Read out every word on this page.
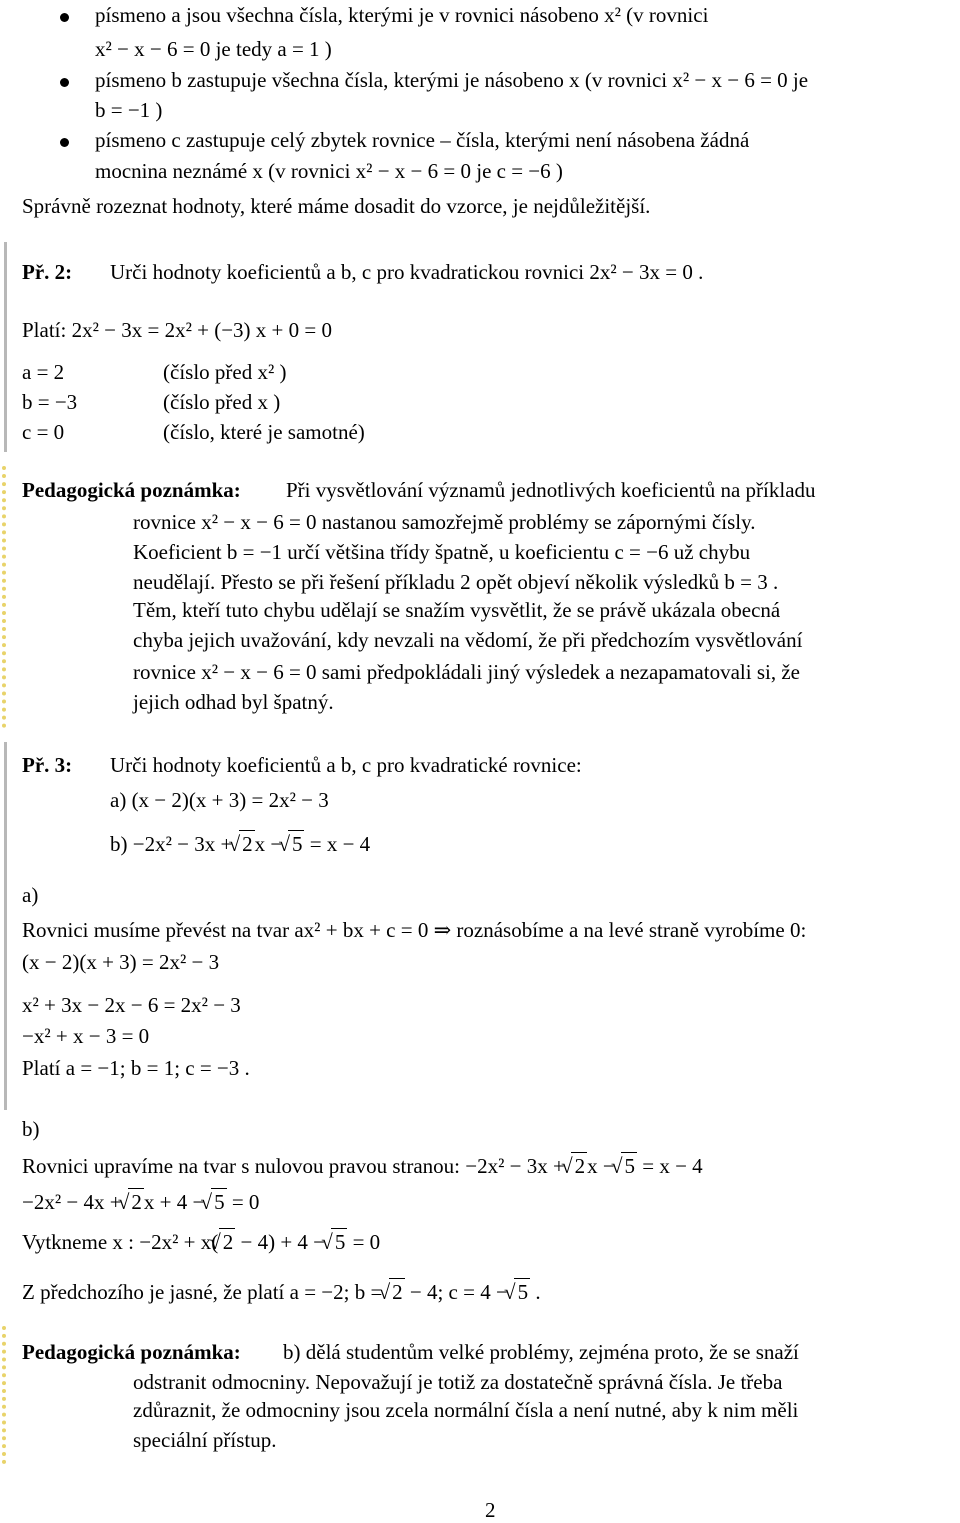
písmeno a jsou všechna čísla, kterými je v rovnici násobeno x² (v rovnici
x² − x − 6 = 0 je tedy a = 1 )
písmeno b zastupuje všechna čísla, kterými je násobeno x (v rovnici x² − x − 6 = 0 je
b = −1 )
písmeno c zastupuje celý zbytek rovnice – čísla, kterými není násobena žádná
mocnina neznámé x (v rovnici x² − x − 6 = 0 je c = −6 )
Správně rozeznat hodnoty, které máme dosadit do vzorce, je nejdůležitější.
Př. 2: Urči hodnoty koeficientů a b, c pro kvadratickou rovnici 2x² − 3x = 0 .
Platí: 2x² − 3x = 2x² + (−3) x + 0 = 0
a = 2	(číslo před x² )
b = −3	(číslo před x )
c = 0	(číslo, které je samotné)
Pedagogická poznámka: Při vysvětlování významů jednotlivých koeficientů na příkladu
rovnice x² − x − 6 = 0 nastanou samozřejmě problémy se zápornými čísly.
Koeficient b = −1 určí většina třídy špatně, u koeficientu c = −6 už chybu
neudělají. Přesto se při řešení příkladu 2 opět objeví několik výsledků b = 3 .
Těm, kteří tuto chybu udělají se snažím vysvětlit, že se právě ukázala obecná
chyba jejich uvažování, kdy nevzali na vědomí, že při předchozím vysvětlování
rovnice x² − x − 6 = 0 sami předpokládali jiný výsledek a nezapamatovali si, že
jejich odhad byl špatný.
Př. 3: Urči hodnoty koeficientů a b, c pro kvadratické rovnice:
a) (x − 2)(x + 3) = 2x² − 3
b) −2x² − 3x + √ 2x − √ 5 = x − 4
a)
Rovnici musíme převést na tvar ax² + bx + c = 0 ⇒ roznásobíme a na levé straně vyrobíme 0:
(x − 2)(x + 3) = 2x² − 3
x² + 3x − 2x − 6 = 2x² − 3
−x² + x − 3 = 0
Platí a = −1; b = 1; c = −3 .
b)
Rovnici upravíme na tvar s nulovou pravou stranou: −2x² − 3x + √ 2x − √ 5 = x − 4
−2x² − 4x + √ 2x + 4 − √ 5 = 0
Vytkneme x : −2x² + x(√ 2 − 4) + 4 − √ 5 = 0
Z předchozího je jasné, že platí a = −2; b = √ 2 − 4; c = 4 − √ 5 .
Pedagogická poznámka: b) dělá studentům velké problémy, zejména proto, že se snaží
odstranit odmocniny. Nepovažují je totiž za dostatečně správná čísla. Je třeba
zdůraznit, že odmocniny jsou zcela normální čísla a není nutné, aby k nim měli
speciální přístup.
2
